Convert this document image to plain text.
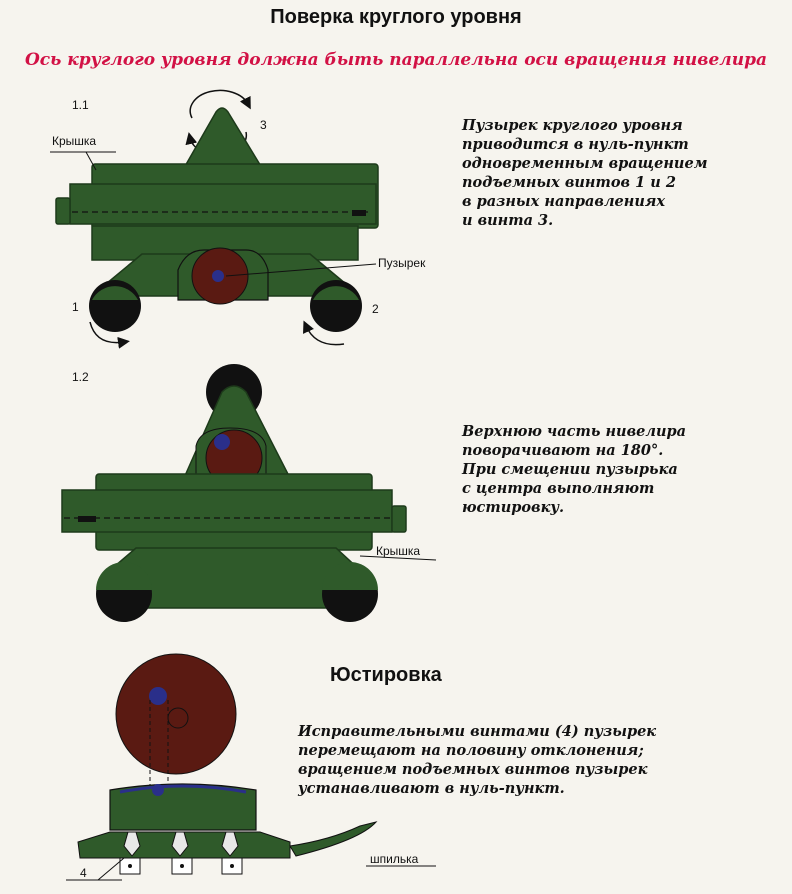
Поверка круглого уровня
Ось круглого уровня должна быть параллельна оси вращения нивелира
1.1
Крышка
Пузырек
1	2
3	Пузырек круглого уровня
приводится в нуль-пункт
одновременным вращением
подъемных винтов 1 и 2
в разных направлениях
и винта 3.
1.2
Крышка
Верхнюю часть нивелира
поворачивают на 180°.
При смещении пузырька
с центра выполняют
юстировку.
Юстировка
Исправительными винтами (4) пузырек
перемещают на половину отклонения;
вращением подъемных винтов пузырек
устанавливают в нуль-пункт.
4
шпилька
